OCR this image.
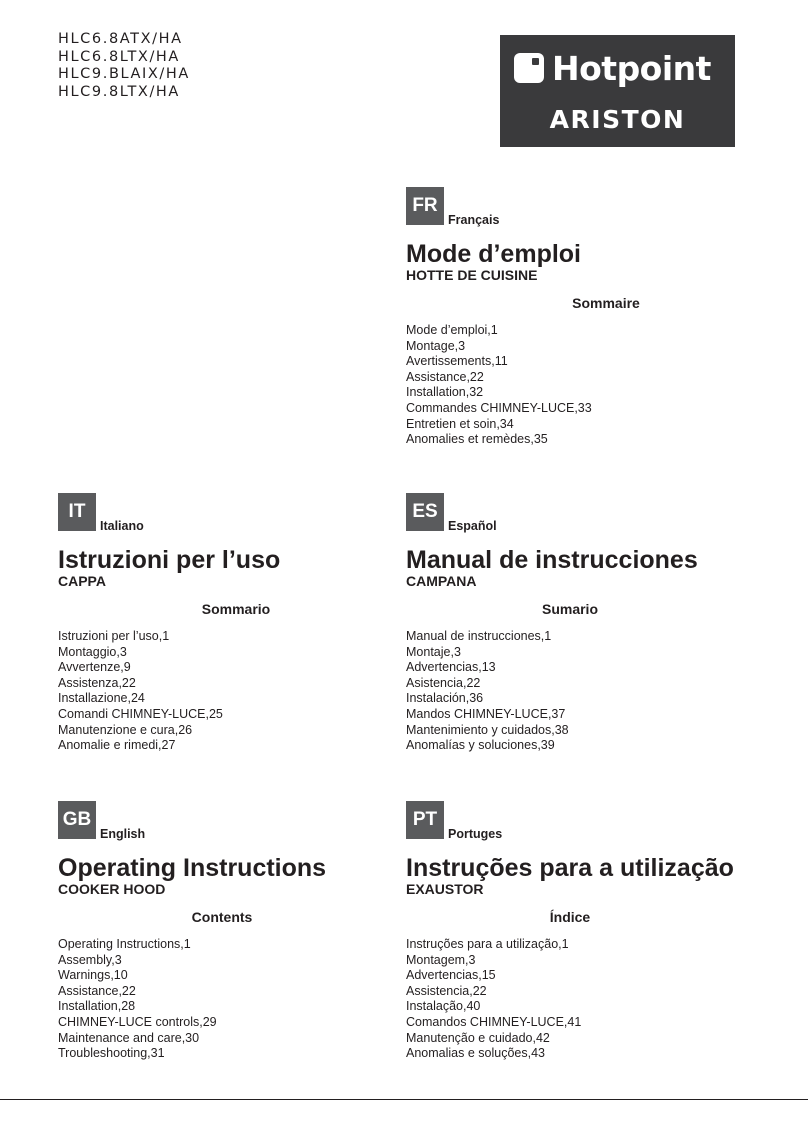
HLC6.8ATX/HA
HLC6.8LTX/HA
HLC9.BLAIX/HA
HLC9.8LTX/HA
Hotpoint
ARISTON
FR
Français
Mode d’emploi
HOTTE DE CUISINE
Sommaire
Mode d’emploi,1
Montage,3
Avertissements,11
Assistance,22
Installation,32
Commandes CHIMNEY-LUCE,33
Entretien et soin,34
Anomalies et remèdes,35
IT
Italiano
Istruzioni per l’uso
CAPPA
Sommario
Istruzioni per l’uso,1
Montaggio,3
Avvertenze,9
Assistenza,22
Installazione,24
Comandi CHIMNEY-LUCE,25
Manutenzione e cura,26
Anomalie e rimedi,27
ES
Español
Manual de instrucciones
CAMPANA
Sumario
Manual de instrucciones,1
Montaje,3
Advertencias,13
Asistencia,22
Instalación,36
Mandos CHIMNEY-LUCE,37
Mantenimiento y cuidados,38
Anomalías y soluciones,39
GB
English
Operating Instructions
COOKER HOOD
Contents
Operating Instructions,1
Assembly,3
Warnings,10
Assistance,22
Installation,28
CHIMNEY-LUCE controls,29
Maintenance and care,30
Troubleshooting,31
PT
Portuges
Instruções para a utilização
EXAUSTOR
Índice
Instruções para a utilização,1
Montagem,3
Advertencias,15
Assistencia,22
Instalação,40
Comandos CHIMNEY-LUCE,41
Manutenção e cuidado,42
Anomalias e soluções,43
